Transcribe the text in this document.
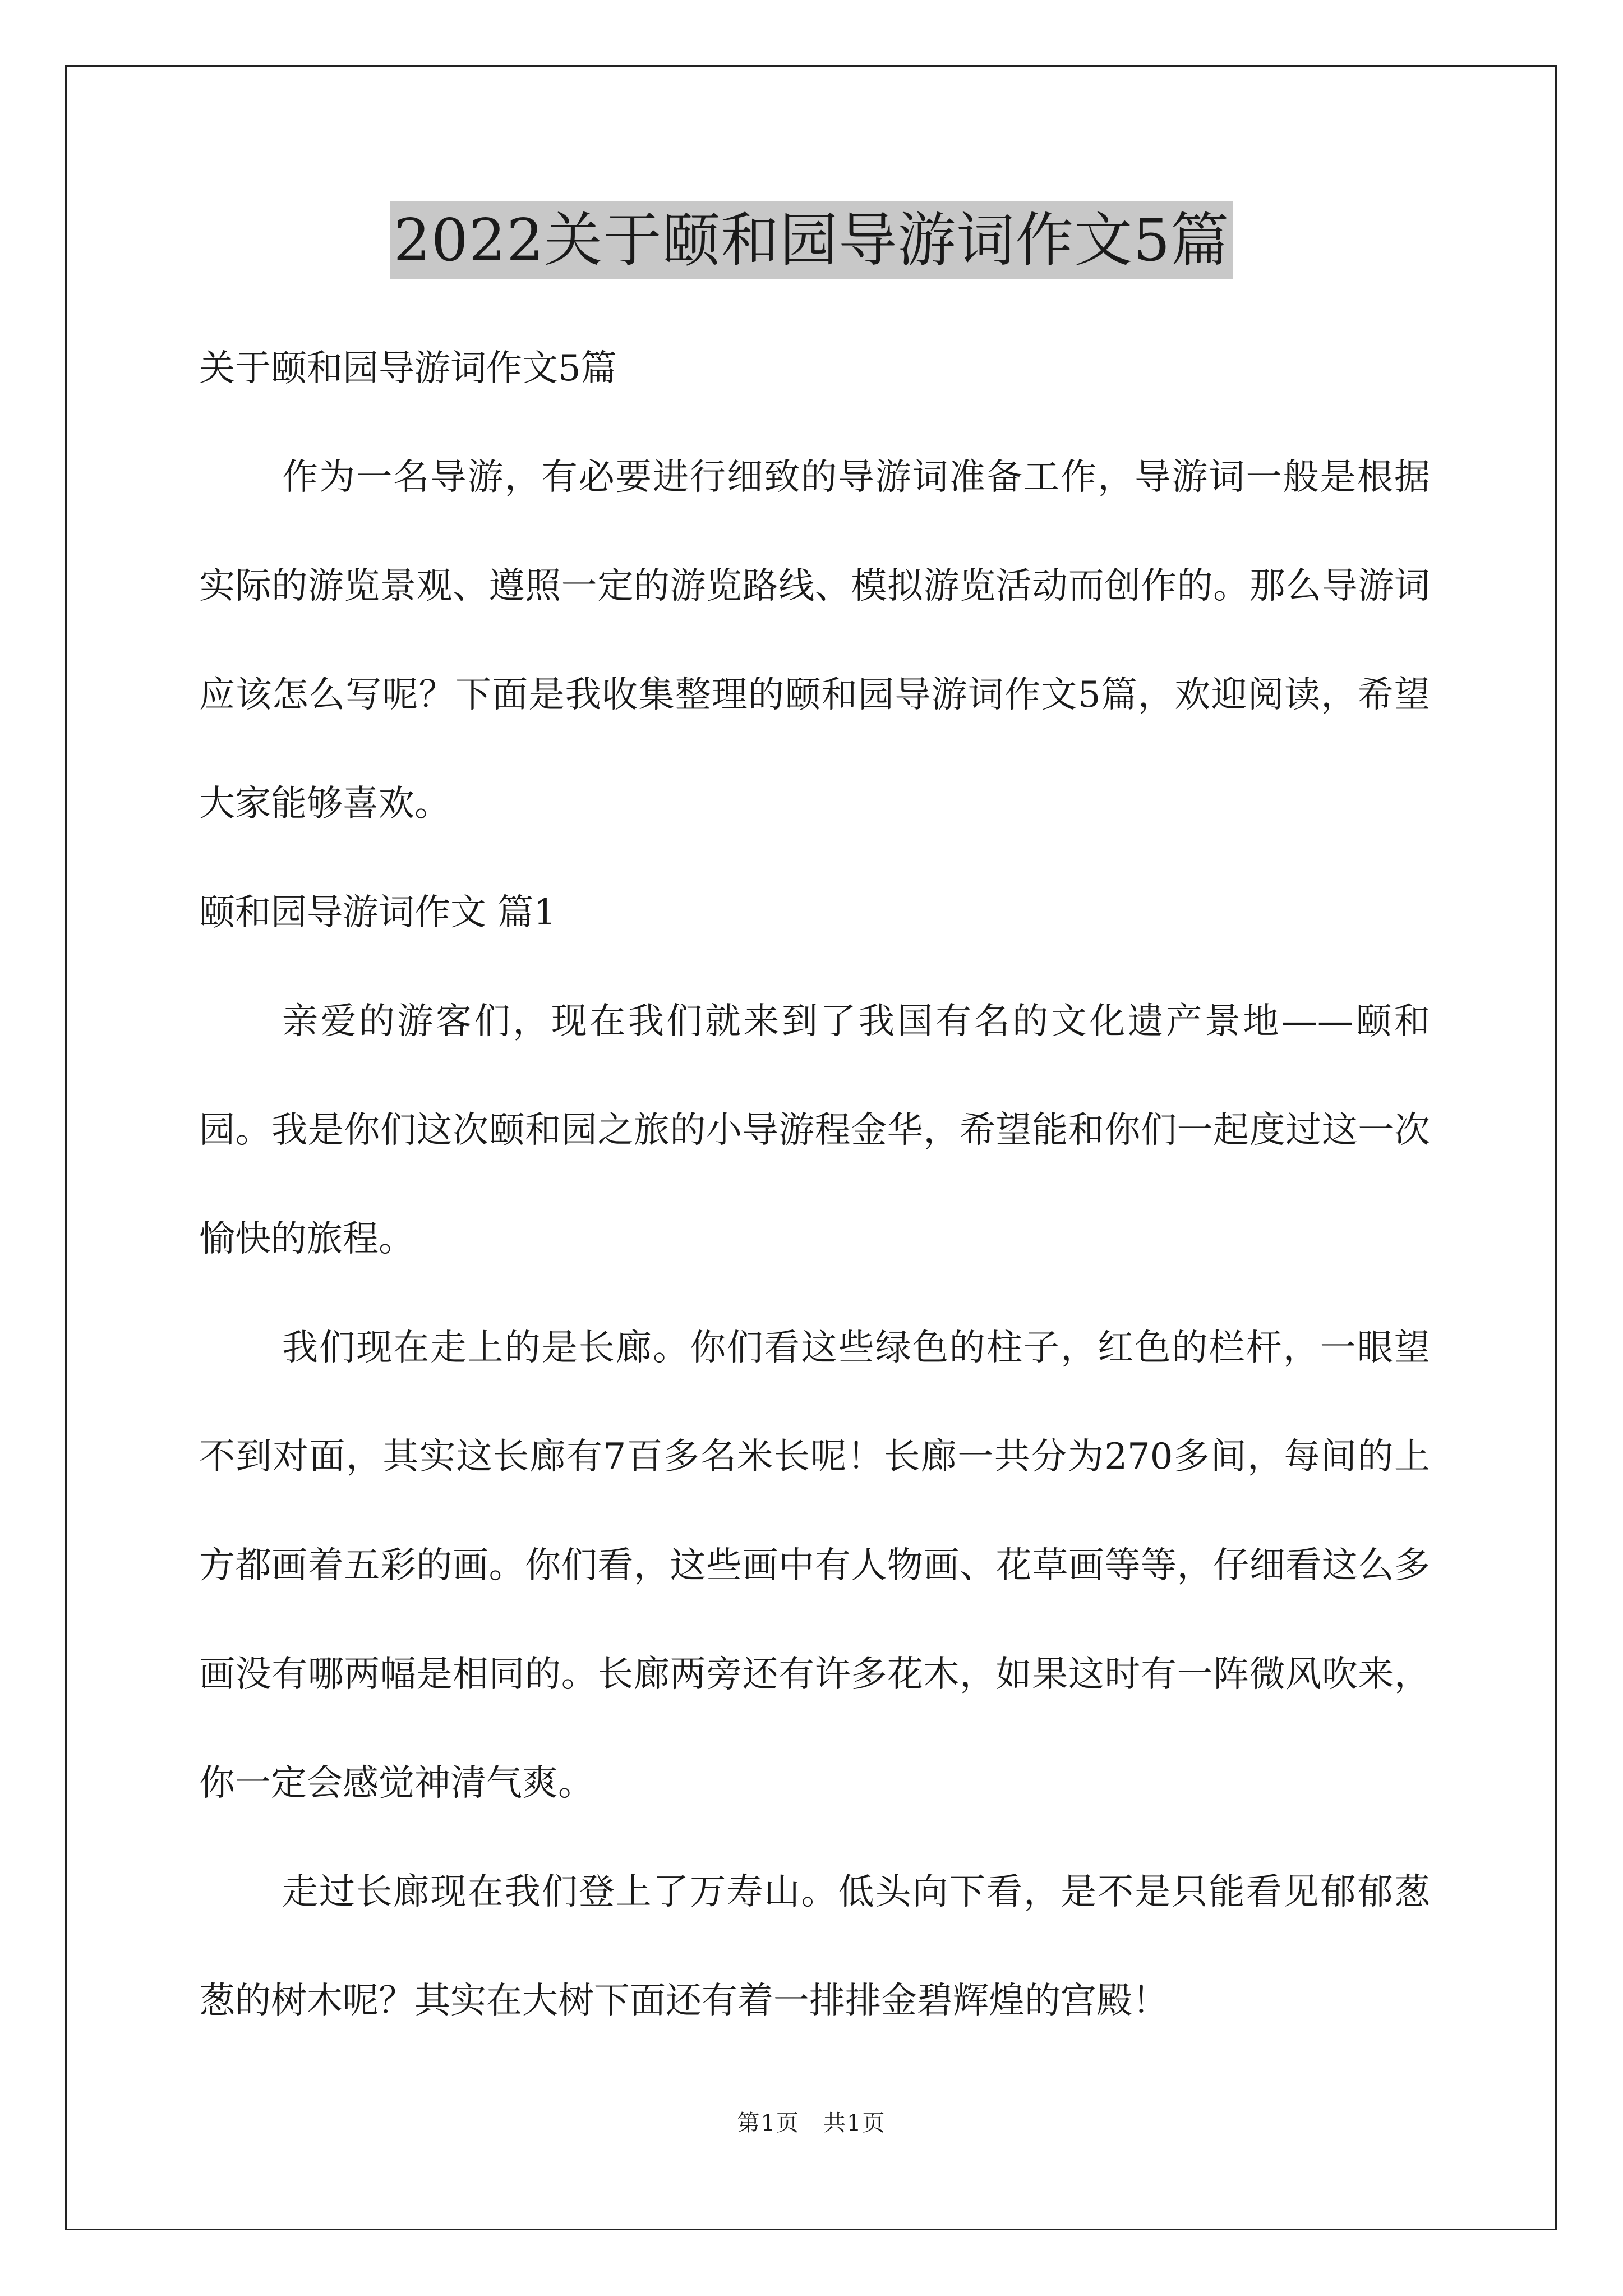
2022关于颐和园导游词作文5篇

关于颐和园导游词作文5篇

作为一名导游，有必要进行细致的导游词准备工作，导游词一般是根据实际的游览景观、遵照一定的游览路线、模拟游览活动而创作的。那么导游词应该怎么写呢？下面是我收集整理的颐和园导游词作文5篇，欢迎阅读，希望大家能够喜欢。

颐和园导游词作文 篇1

亲爱的游客们，现在我们就来到了我国有名的文化遗产景地——颐和园。我是你们这次颐和园之旅的小导游程金华，希望能和你们一起度过这一次愉快的旅程。

我们现在走上的是长廊。你们看这些绿色的柱子，红色的栏杆，一眼望不到对面，其实这长廊有7百多名米长呢！长廊一共分为270多间，每间的上方都画着五彩的画。你们看，这些画中有人物画、花草画等等，仔细看这么多画没有哪两幅是相同的。长廊两旁还有许多花木，如果这时有一阵微风吹来，你一定会感觉神清气爽。

走过长廊现在我们登上了万寿山。低头向下看，是不是只能看见郁郁葱葱的树木呢？其实在大树下面还有着一排排金碧辉煌的宫殿！

第1页　共1页
